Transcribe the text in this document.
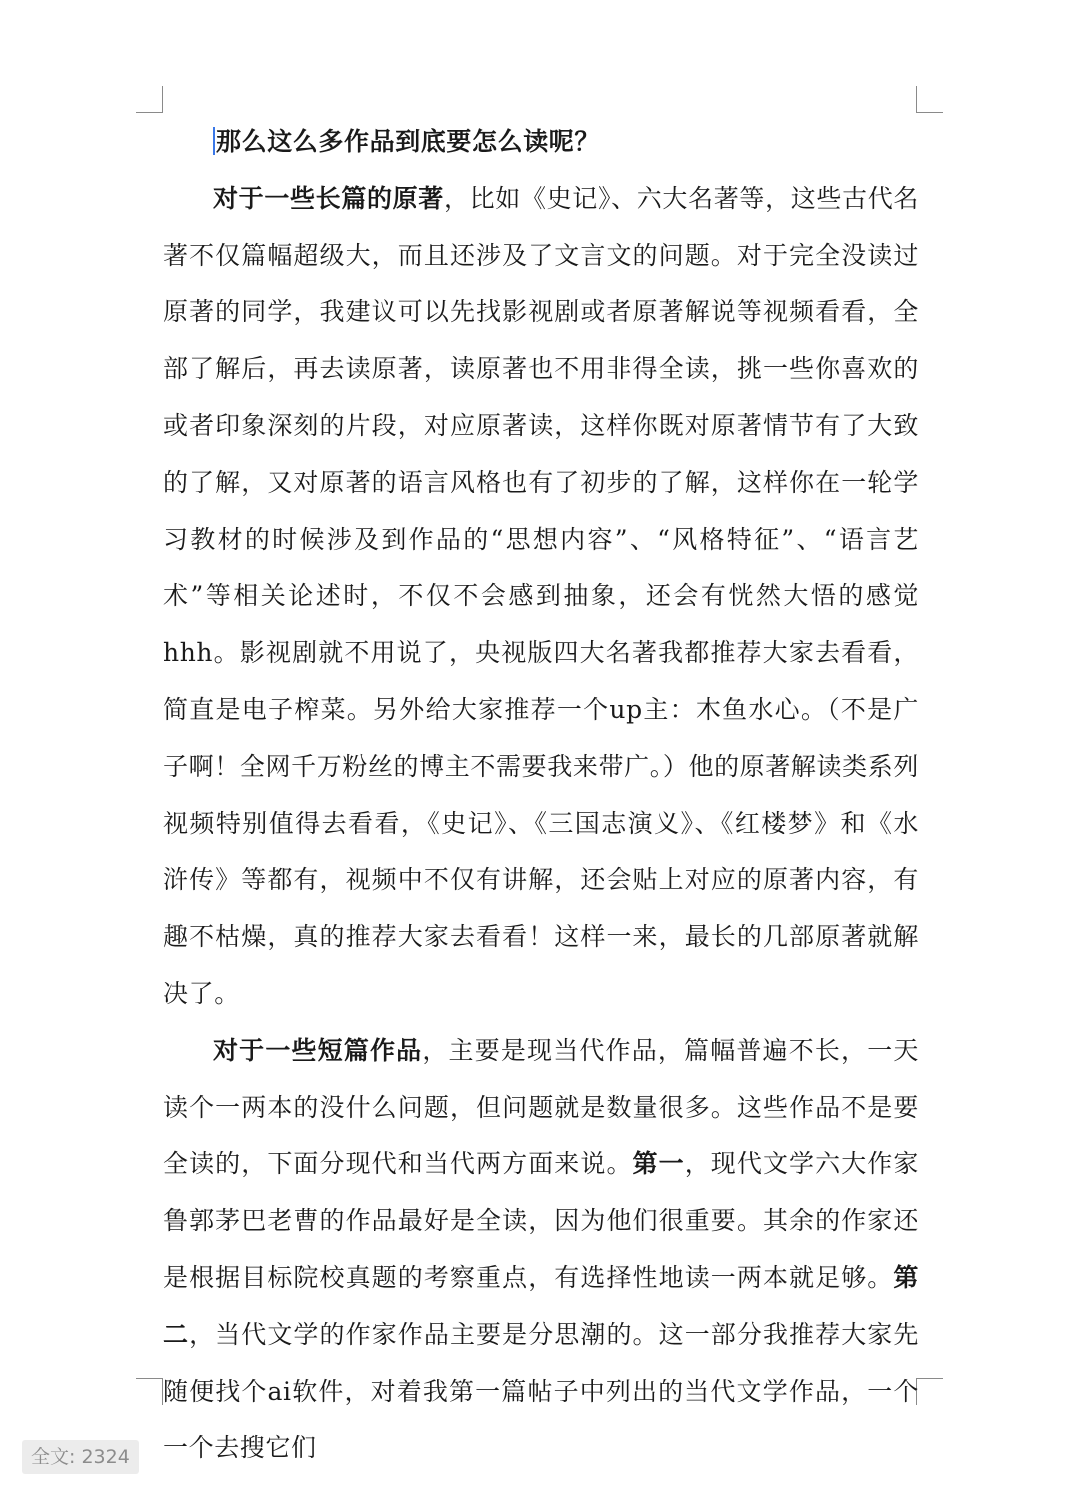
那么这么多作品到底要怎么读呢？

对于一些长篇的原著，比如《史记》、六大名著等，这些古代名著不仅篇幅超级大，而且还涉及了文言文的问题。对于完全没读过原著的同学，我建议可以先找影视剧或者原著解说等视频看看，全部了解后，再去读原著，读原著也不用非得全读，挑一些你喜欢的或者印象深刻的片段，对应原著读，这样你既对原著情节有了大致的了解，又对原著的语言风格也有了初步的了解，这样你在一轮学习教材的时候涉及到作品的“思想内容”、“风格特征”、“语言艺术”等相关论述时，不仅不会感到抽象，还会有恍然大悟的感觉hhh。影视剧就不用说了，央视版四大名著我都推荐大家去看看，简直是电子榨菜。另外给大家推荐一个up主：木鱼水心。（不是广子啊！全网千万粉丝的博主不需要我来带广。）他的原著解读类系列视频特别值得去看看，《史记》、《三国志演义》、《红楼梦》和《水浒传》等都有，视频中不仅有讲解，还会贴上对应的原著内容，有趣不枯燥，真的推荐大家去看看！这样一来，最长的几部原著就解决了。

对于一些短篇作品，主要是现当代作品，篇幅普遍不长，一天读个一两本的没什么问题，但问题就是数量很多。这些作品不是要全读的，下面分现代和当代两方面来说。第一，现代文学六大作家鲁郭茅巴老曹的作品最好是全读，因为他们很重要。其余的作家还是根据目标院校真题的考察重点，有选择性地读一两本就足够。第二，当代文学的作家作品主要是分思潮的。这一部分我推荐大家先随便找个ai软件，对着我第一篇帖子中列出的当代文学作品，一个一个去搜它们

全文: 2324
